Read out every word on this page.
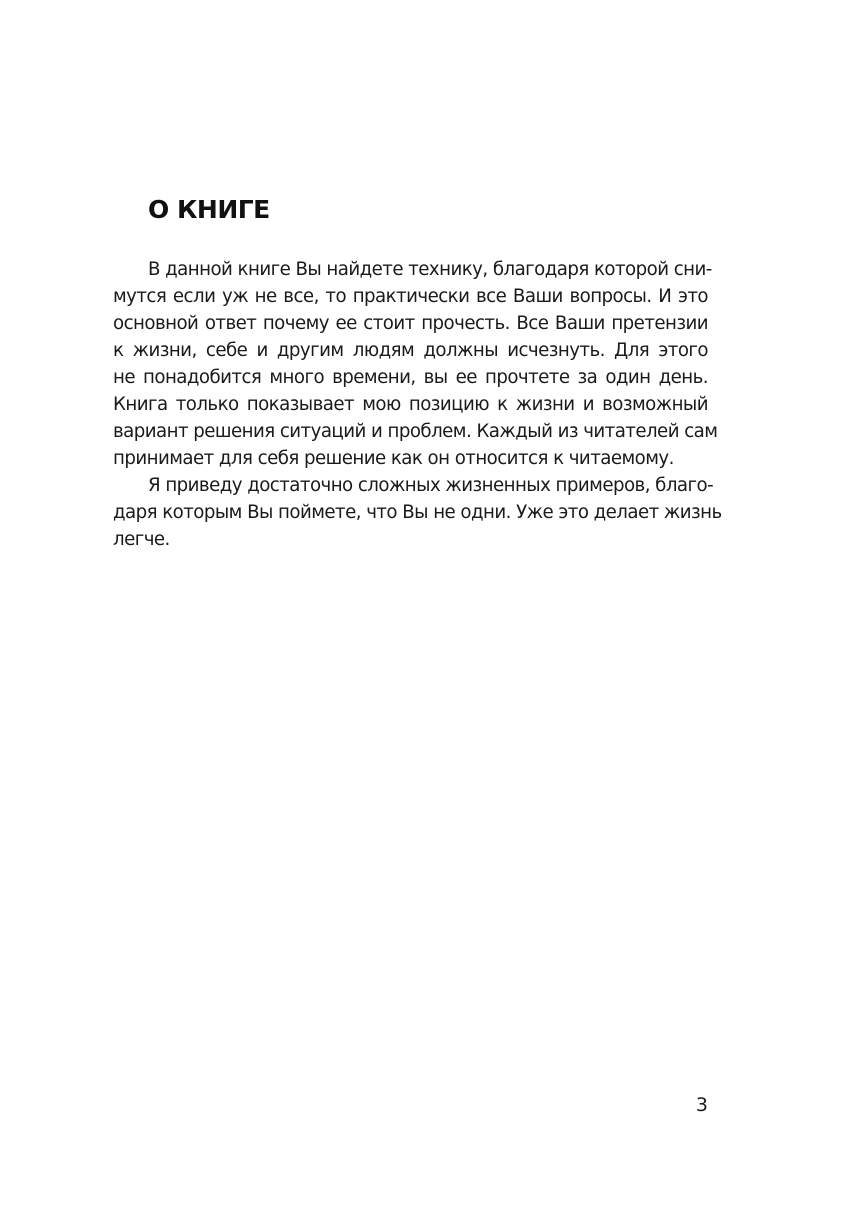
О КНИГЕ

В данной книге Вы найдете технику, благодаря которой сни-

мутся если уж не все, то практически все Ваши вопросы. И это

основной ответ почему ее стоит прочесть. Все Ваши претензии

к жизни, себе и другим людям должны исчезнуть. Для этого

не понадобится много времени, вы ее прочтете за один день.

Книга только показывает мою позицию к жизни и возможный

вариант решения ситуаций и проблем. Каждый из читателей сам

принимает для себя решение как он относится к читаемому.

Я приведу достаточно сложных жизненных примеров, благо-

даря которым Вы поймете, что Вы не одни. Уже это делает жизнь

легче.

3
